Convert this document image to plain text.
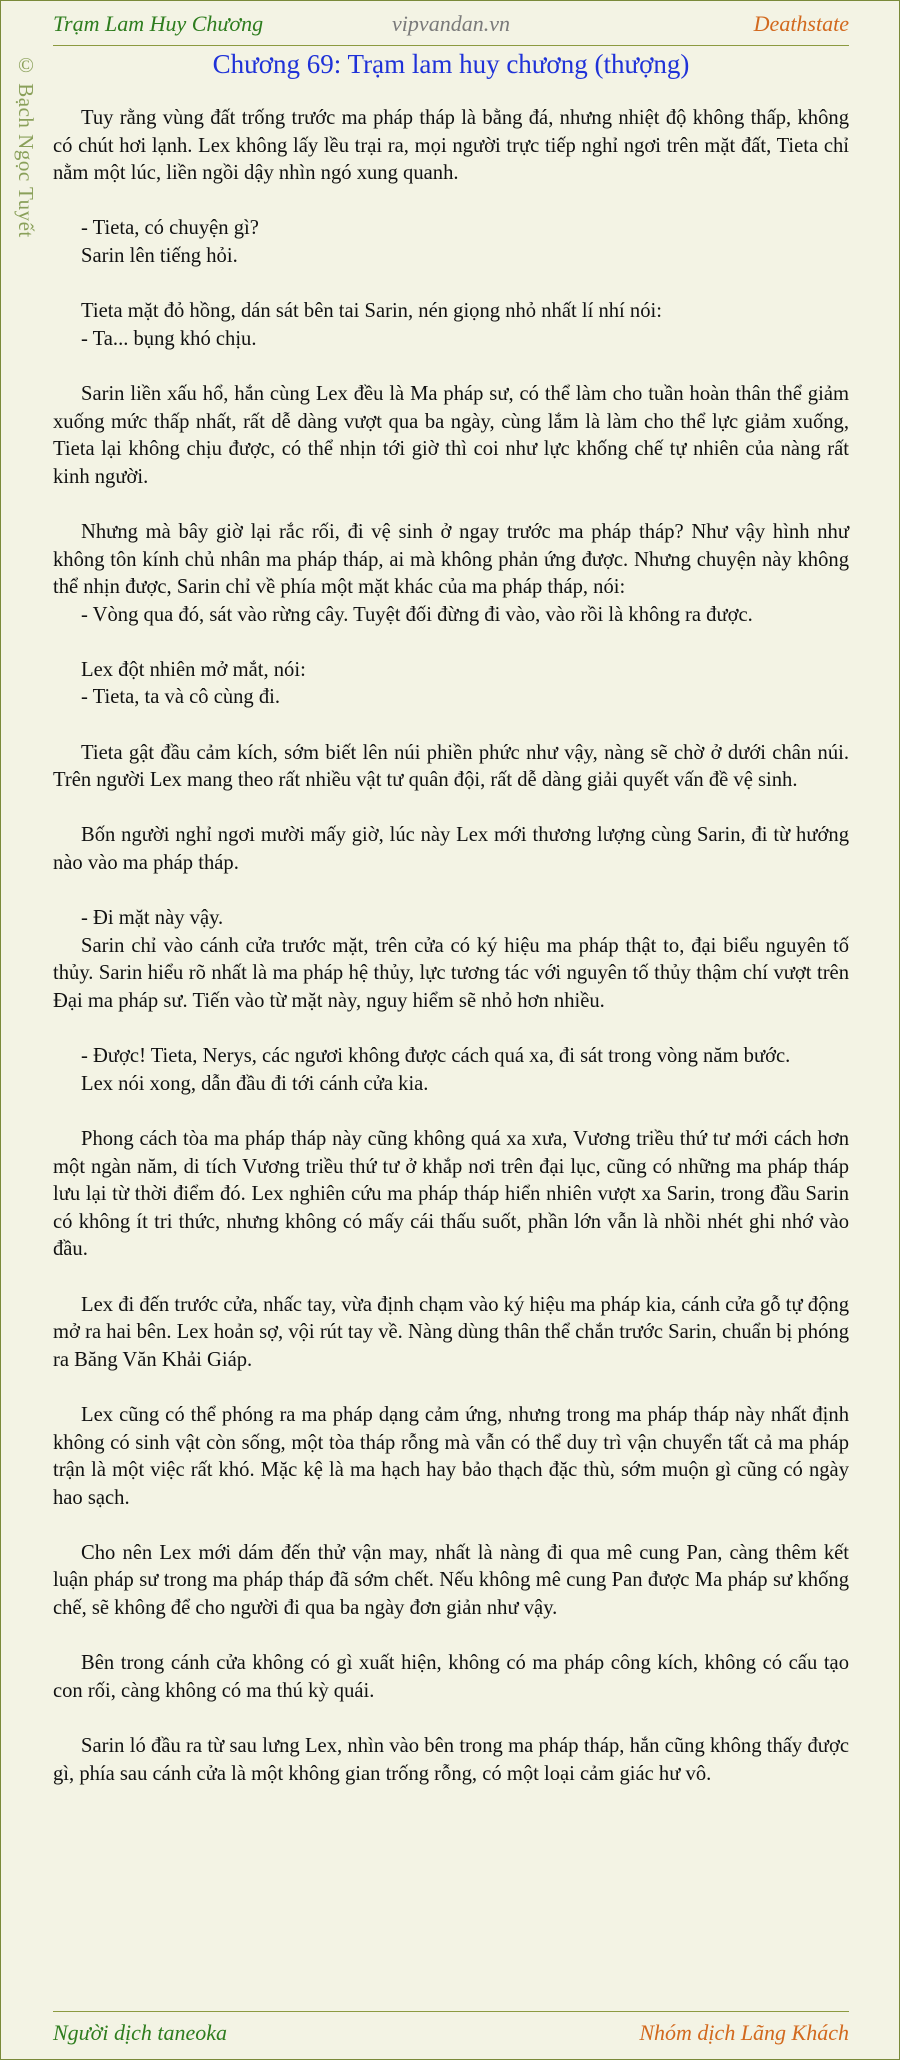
Trạm Lam Huy Chương	vipvandan.vn	Deathstate
© Bạch Ngọc Tuyết	Chương 69: Trạm lam huy chương (thượng)

Tuy rằng vùng đất trống trước ma pháp tháp là bằng đá, nhưng nhiệt độ không thấp, không có chút hơi lạnh. Lex không lấy lều trại ra, mọi người trực tiếp nghỉ ngơi trên mặt đất, Tieta chỉ nằm một lúc, liền ngồi dậy nhìn ngó xung quanh.

- Tieta, có chuyện gì?
Sarin lên tiếng hỏi.

Tieta mặt đỏ hồng, dán sát bên tai Sarin, nén giọng nhỏ nhất lí nhí nói:
- Ta... bụng khó chịu.

Sarin liền xấu hổ, hắn cùng Lex đều là Ma pháp sư, có thể làm cho tuần hoàn thân thể giảm xuống mức thấp nhất, rất dễ dàng vượt qua ba ngày, cùng lắm là làm cho thể lực giảm xuống, Tieta lại không chịu được, có thể nhịn tới giờ thì coi như lực khống chế tự nhiên của nàng rất kinh người.

Nhưng mà bây giờ lại rắc rối, đi vệ sinh ở ngay trước ma pháp tháp? Như vậy hình như không tôn kính chủ nhân ma pháp tháp, ai mà không phản ứng được. Nhưng chuyện này không thể nhịn được, Sarin chỉ về phía một mặt khác của ma pháp tháp, nói:
- Vòng qua đó, sát vào rừng cây. Tuyệt đối đừng đi vào, vào rồi là không ra được.

Lex đột nhiên mở mắt, nói:
- Tieta, ta và cô cùng đi.

Tieta gật đầu cảm kích, sớm biết lên núi phiền phức như vậy, nàng sẽ chờ ở dưới chân núi. Trên người Lex mang theo rất nhiều vật tư quân đội, rất dễ dàng giải quyết vấn đề vệ sinh.

Bốn người nghỉ ngơi mười mấy giờ, lúc này Lex mới thương lượng cùng Sarin, đi từ hướng nào vào ma pháp tháp.

- Đi mặt này vậy.
Sarin chỉ vào cánh cửa trước mặt, trên cửa có ký hiệu ma pháp thật to, đại biểu nguyên tố thủy. Sarin hiểu rõ nhất là ma pháp hệ thủy, lực tương tác với nguyên tố thủy thậm chí vượt trên Đại ma pháp sư. Tiến vào từ mặt này, nguy hiểm sẽ nhỏ hơn nhiều.

- Được! Tieta, Nerys, các ngươi không được cách quá xa, đi sát trong vòng năm bước.
Lex nói xong, dẫn đầu đi tới cánh cửa kia.

Phong cách tòa ma pháp tháp này cũng không quá xa xưa, Vương triều thứ tư mới cách hơn một ngàn năm, di tích Vương triều thứ tư ở khắp nơi trên đại lục, cũng có những ma pháp tháp lưu lại từ thời điểm đó. Lex nghiên cứu ma pháp tháp hiển nhiên vượt xa Sarin, trong đầu Sarin có không ít tri thức, nhưng không có mấy cái thấu suốt, phần lớn vẫn là nhồi nhét ghi nhớ vào đầu.

Lex đi đến trước cửa, nhấc tay, vừa định chạm vào ký hiệu ma pháp kia, cánh cửa gỗ tự động mở ra hai bên. Lex hoản sợ, vội rút tay về. Nàng dùng thân thể chắn trước Sarin, chuẩn bị phóng ra Băng Văn Khải Giáp.

Lex cũng có thể phóng ra ma pháp dạng cảm ứng, nhưng trong ma pháp tháp này nhất định không có sinh vật còn sống, một tòa tháp rỗng mà vẫn có thể duy trì vận chuyển tất cả ma pháp trận là một việc rất khó. Mặc kệ là ma hạch hay bảo thạch đặc thù, sớm muộn gì cũng có ngày hao sạch.

Cho nên Lex mới dám đến thử vận may, nhất là nàng đi qua mê cung Pan, càng thêm kết luận pháp sư trong ma pháp tháp đã sớm chết. Nếu không mê cung Pan được Ma pháp sư khống chế, sẽ không để cho người đi qua ba ngày đơn giản như vậy.

Bên trong cánh cửa không có gì xuất hiện, không có ma pháp công kích, không có cấu tạo con rối, càng không có ma thú kỳ quái.

Sarin ló đầu ra từ sau lưng Lex, nhìn vào bên trong ma pháp tháp, hắn cũng không thấy được gì, phía sau cánh cửa là một không gian trống rỗng, có một loại cảm giác hư vô.

Người dịch taneoka	Nhóm dịch Lãng Khách
